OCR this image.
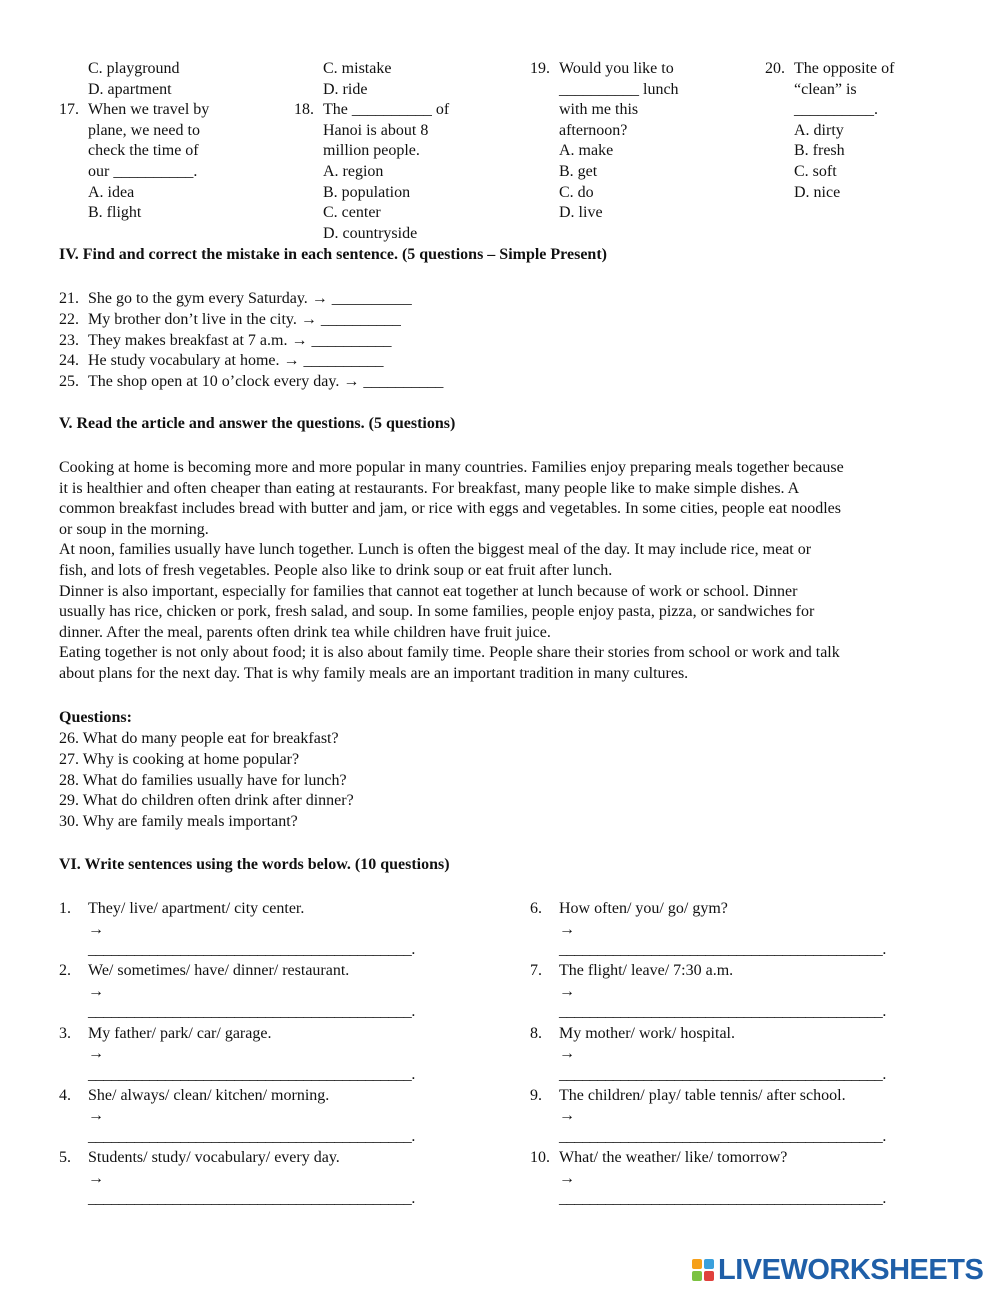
C. playground
D. apartment
17. When we travel by
plane, we need to
check the time of
our __________.
A. idea
B. flight
C. mistake
D. ride
18. The __________ of
Hanoi is about 8
million people.
A. region
B. population
C. center
D. countryside
19. Would you like to
__________ lunch
with me this
afternoon?
A. make
B. get
C. do
D. live
20. The opposite of
“clean” is
__________.
A. dirty
B. fresh
C. soft
D. nice
IV. Find and correct the mistake in each sentence. (5 questions – Simple Present)
21. She go to the gym every Saturday. → __________
22. My brother don’t live in the city. → __________
23. They makes breakfast at 7 a.m. → __________
24. He study vocabulary at home. → __________
25. The shop open at 10 o’clock every day. → __________
V. Read the article and answer the questions. (5 questions)
Cooking at home is becoming more and more popular in many countries. Families enjoy preparing meals together because
it is healthier and often cheaper than eating at restaurants. For breakfast, many people like to make simple dishes. A
common breakfast includes bread with butter and jam, or rice with eggs and vegetables. In some cities, people eat noodles
or soup in the morning.
At noon, families usually have lunch together. Lunch is often the biggest meal of the day. It may include rice, meat or
fish, and lots of fresh vegetables. People also like to drink soup or eat fruit after lunch.
Dinner is also important, especially for families that cannot eat together at lunch because of work or school. Dinner
usually has rice, chicken or pork, fresh salad, and soup. In some families, people enjoy pasta, pizza, or sandwiches for
dinner. After the meal, parents often drink tea while children have fruit juice.
Eating together is not only about food; it is also about family time. People share their stories from school or work and talk
about plans for the next day. That is why family meals are an important tradition in many cultures.
Questions:
26. What do many people eat for breakfast?
27. Why is cooking at home popular?
28. What do families usually have for lunch?
29. What do children often drink after dinner?
30. Why are family meals important?
VI. Write sentences using the words below. (10 questions)
1. They/ live/ apartment/ city center.
→
__________________________________________.
2. We/ sometimes/ have/ dinner/ restaurant.
→
__________________________________________.
3. My father/ park/ car/ garage.
→
__________________________________________.
4. She/ always/ clean/ kitchen/ morning.
→
__________________________________________.
5. Students/ study/ vocabulary/ every day.
→
__________________________________________.
6. How often/ you/ go/ gym?
→
__________________________________________.
7. The flight/ leave/ 7:30 a.m.
→
__________________________________________.
8. My mother/ work/ hospital.
→
__________________________________________.
9. The children/ play/ table tennis/ after school.
→
__________________________________________.
10. What/ the weather/ like/ tomorrow?
→
__________________________________________.
LIVEWORKSHEETS
